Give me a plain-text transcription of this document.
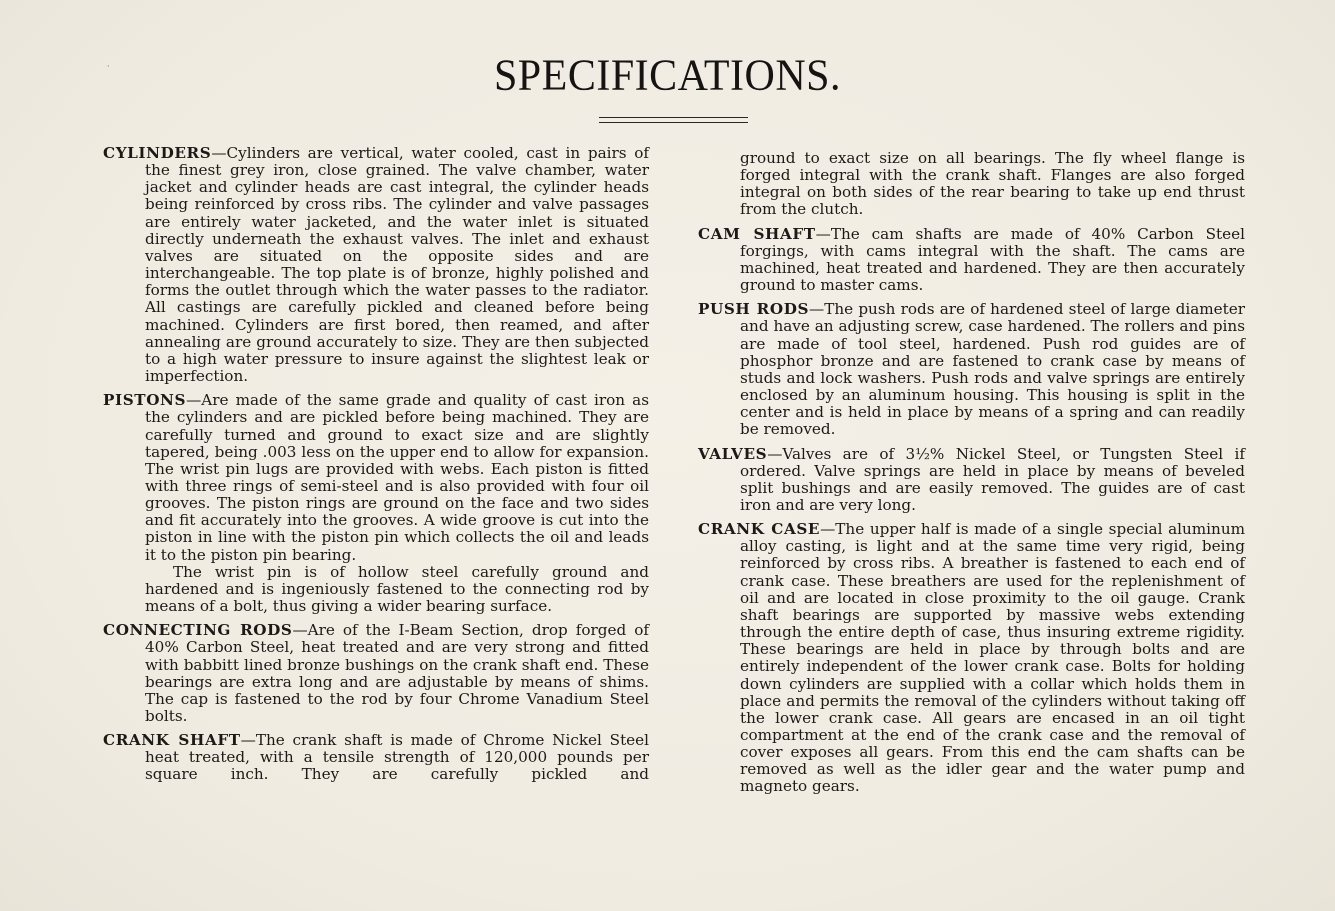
·	SPECIFICATIONS.

CYLINDERS—Cylinders are vertical, water cooled, cast in pairs of the finest grey iron, close grained. The valve chamber, water jacket and cylinder heads are cast integral, the cylinder heads being reinforced by cross ribs. The cylinder and valve passages are entirely water jacketed, and the water inlet is situated directly underneath the exhaust valves. The inlet and exhaust valves are situated on the opposite sides and are interchangeable. The top plate is of bronze, highly polished and forms the outlet through which the water passes to the radiator. All castings are carefully pickled and cleaned before being machined. Cylinders are first bored, then reamed, and after annealing are ground accurately to size. They are then subjected to a high water pressure to insure against the slightest leak or imperfection.

PISTONS—Are made of the same grade and quality of cast iron as the cylinders and are pickled before being machined. They are carefully turned and ground to exact size and are slightly tapered, being .003 less on the upper end to allow for expansion. The wrist pin lugs are provided with webs. Each piston is fitted with three rings of semi-steel and is also provided with four oil grooves. The piston rings are ground on the face and two sides and fit accurately into the grooves. A wide groove is cut into the piston in line with the piston pin which collects the oil and leads it to the piston pin bearing.

The wrist pin is of hollow steel carefully ground and hardened and is ingeniously fastened to the connecting rod by means of a bolt, thus giving a wider bearing surface.

CONNECTING RODS—Are of the I-Beam Section, drop forged of 40% Carbon Steel, heat treated and are very strong and fitted with babbitt lined bronze bushings on the crank shaft end. These bearings are extra long and are adjustable by means of shims. The cap is fastened to the rod by four Chrome Vanadium Steel bolts.

CRANK SHAFT—The crank shaft is made of Chrome Nickel Steel heat treated, with a tensile strength of 120,000 pounds per square inch. They are carefully pickled and

ground to exact size on all bearings. The fly wheel flange is forged integral with the crank shaft. Flanges are also forged integral on both sides of the rear bearing to take up end thrust from the clutch.

CAM SHAFT—The cam shafts are made of 40% Carbon Steel forgings, with cams integral with the shaft. The cams are machined, heat treated and hardened. They are then accurately ground to master cams.

PUSH RODS—The push rods are of hardened steel of large diameter and have an adjusting screw, case hardened. The rollers and pins are made of tool steel, hardened. Push rod guides are of phosphor bronze and are fastened to crank case by means of studs and lock washers. Push rods and valve springs are entirely enclosed by an aluminum housing. This housing is split in the center and is held in place by means of a spring and can readily be removed.

VALVES—Valves are of 3½% Nickel Steel, or Tungsten Steel if ordered. Valve springs are held in place by means of beveled split bushings and are easily removed. The guides are of cast iron and are very long.

CRANK CASE—The upper half is made of a single special aluminum alloy casting, is light and at the same time very rigid, being reinforced by cross ribs. A breather is fastened to each end of crank case. These breathers are used for the replenishment of oil and are located in close proximity to the oil gauge. Crank shaft bearings are supported by massive webs extending through the entire depth of case, thus insuring extreme rigidity. These bearings are held in place by through bolts and are entirely independent of the lower crank case. Bolts for holding down cylinders are supplied with a collar which holds them in place and permits the removal of the cylinders without taking off the lower crank case. All gears are encased in an oil tight compartment at the end of the crank case and the removal of cover exposes all gears. From this end the cam shafts can be removed as well as the idler gear and the water pump and magneto gears.
